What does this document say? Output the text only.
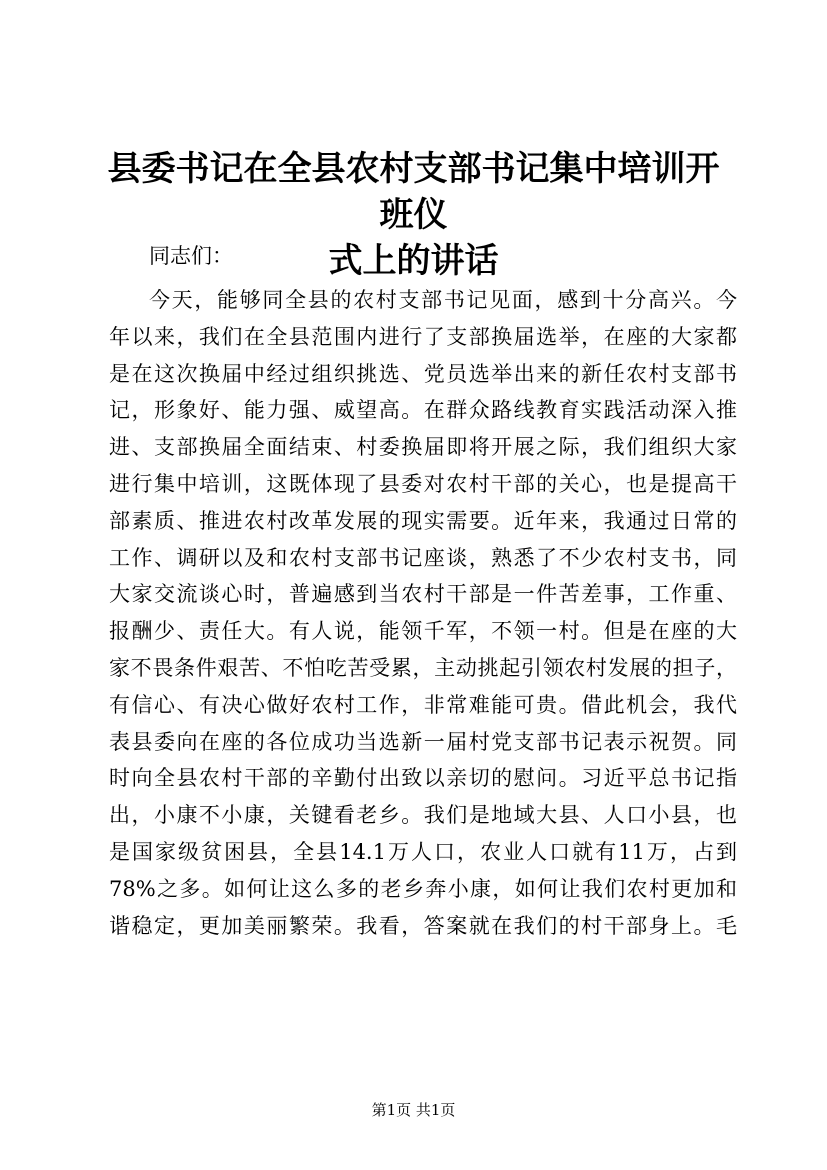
县委书记在全县农村支部书记集中培训开班仪
式上的讲话

同志们：

今天，能够同全县的农村支部书记见面，感到十分高兴。今
年以来，我们在全县范围内进行了支部换届选举，在座的大家都
是在这次换届中经过组织挑选、党员选举出来的新任农村支部书
记，形象好、能力强、威望高。在群众路线教育实践活动深入推
进、支部换届全面结束、村委换届即将开展之际，我们组织大家
进行集中培训，这既体现了县委对农村干部的关心，也是提高干
部素质、推进农村改革发展的现实需要。近年来，我通过日常的
工作、调研以及和农村支部书记座谈，熟悉了不少农村支书，同
大家交流谈心时，普遍感到当农村干部是一件苦差事，工作重、
报酬少、责任大。有人说，能领千军，不领一村。但是在座的大
家不畏条件艰苦、不怕吃苦受累，主动挑起引领农村发展的担子，
有信心、有决心做好农村工作，非常难能可贵。借此机会，我代
表县委向在座的各位成功当选新一届村党支部书记表示祝贺。同
时向全县农村干部的辛勤付出致以亲切的慰问。习近平总书记指
出，小康不小康，关键看老乡。我们是地域大县、人口小县，也
是国家级贫困县，全县14.1万人口，农业人口就有11万，占到
78%之多。如何让这么多的老乡奔小康，如何让我们农村更加和
谐稳定，更加美丽繁荣。我看，答案就在我们的村干部身上。毛

第1页 共1页
